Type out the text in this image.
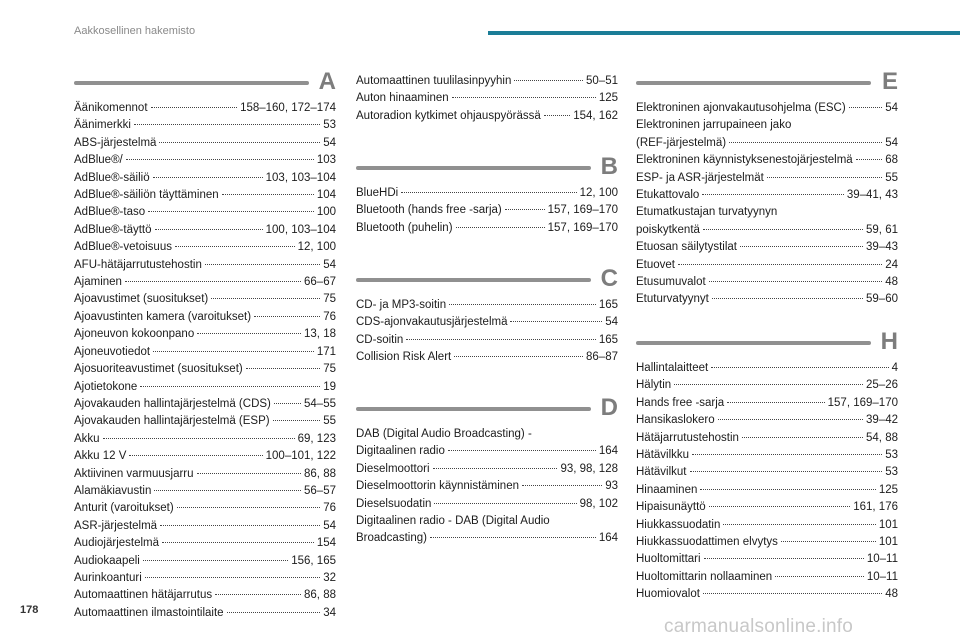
Aakkosellinen hakemisto
A
Äänikomennot	158–160, 172–174
Äänimerkki	53
ABS-järjestelmä	54
AdBlue®/	103
AdBlue®-säiliö	103, 103–104
AdBlue®-säiliön täyttäminen	104
AdBlue®-taso	100
AdBlue®-täyttö	100, 103–104
AdBlue®-vetoisuus	12, 100
AFU-hätäjarrutustehostin	54
Ajaminen	66–67
Ajoavustimet (suositukset)	75
Ajoavustinten kamera (varoitukset)	76
Ajoneuvon kokoonpano	13, 18
Ajoneuvotiedot	171
Ajosuoriteavustimet (suositukset)	75
Ajotietokone	19
Ajovakauden hallintajärjestelmä (CDS)	54–55
Ajovakauden hallintajärjestelmä (ESP)	55
Akku	69, 123
Akku 12 V	100–101, 122
Aktiivinen varmuusjarru	86, 88
Alamäkiavustin	56–57
Anturit (varoitukset)	76
ASR-järjestelmä	54
Audiojärjestelmä	154
Audiokaapeli	156, 165
Aurinkoanturi	32
Automaattinen hätäjarrutus	86, 88
Automaattinen ilmastointilaite	34
Automaattinen tuulilasinpyyhin	50–51
Auton hinaaminen	125
Autoradion kytkimet ohjauspyörässä	154, 162
B
BlueHDi	12, 100
Bluetooth (hands free -sarja)	157, 169–170
Bluetooth (puhelin)	157, 169–170
C
CD- ja MP3-soitin	165
CDS-ajonvakautusjärjestelmä	54
CD-soitin	165
Collision Risk Alert	86–87
D
DAB (Digital Audio Broadcasting) -
Digitaalinen radio	164
Dieselmoottori	93, 98, 128
Dieselmoottorin käynnistäminen	93
Dieselsuodatin	98, 102
Digitaalinen radio - DAB (Digital Audio
Broadcasting)	164
E
Elektroninen ajonvakautusohjelma (ESC)	54
Elektroninen jarrupaineen jako
(REF-järjestelmä)	54
Elektroninen käynnistyksenestojärjestelmä	68
ESP- ja ASR-järjestelmät	55
Etukattovalo	39–41, 43
Etumatkustajan turvatyynyn
poiskytkentä	59, 61
Etuosan säilytystilat	39–43
Etuovet	24
Etusumuvalot	48
Etuturvatyynyt	59–60
H
Hallintalaitteet	4
Hälytin	25–26
Hands free -sarja	157, 169–170
Hansikaslokero	39–42
Hätäjarrutustehostin	54, 88
Hätävilkku	53
Hätävilkut	53
Hinaaminen	125
Hipaisunäyttö	161, 176
Hiukkassuodatin	101
Hiukkassuodattimen elvytys	101
Huoltomittari	10–11
Huoltomittarin nollaaminen	10–11
Huomiovalot	48
178
carmanualsonline.info
